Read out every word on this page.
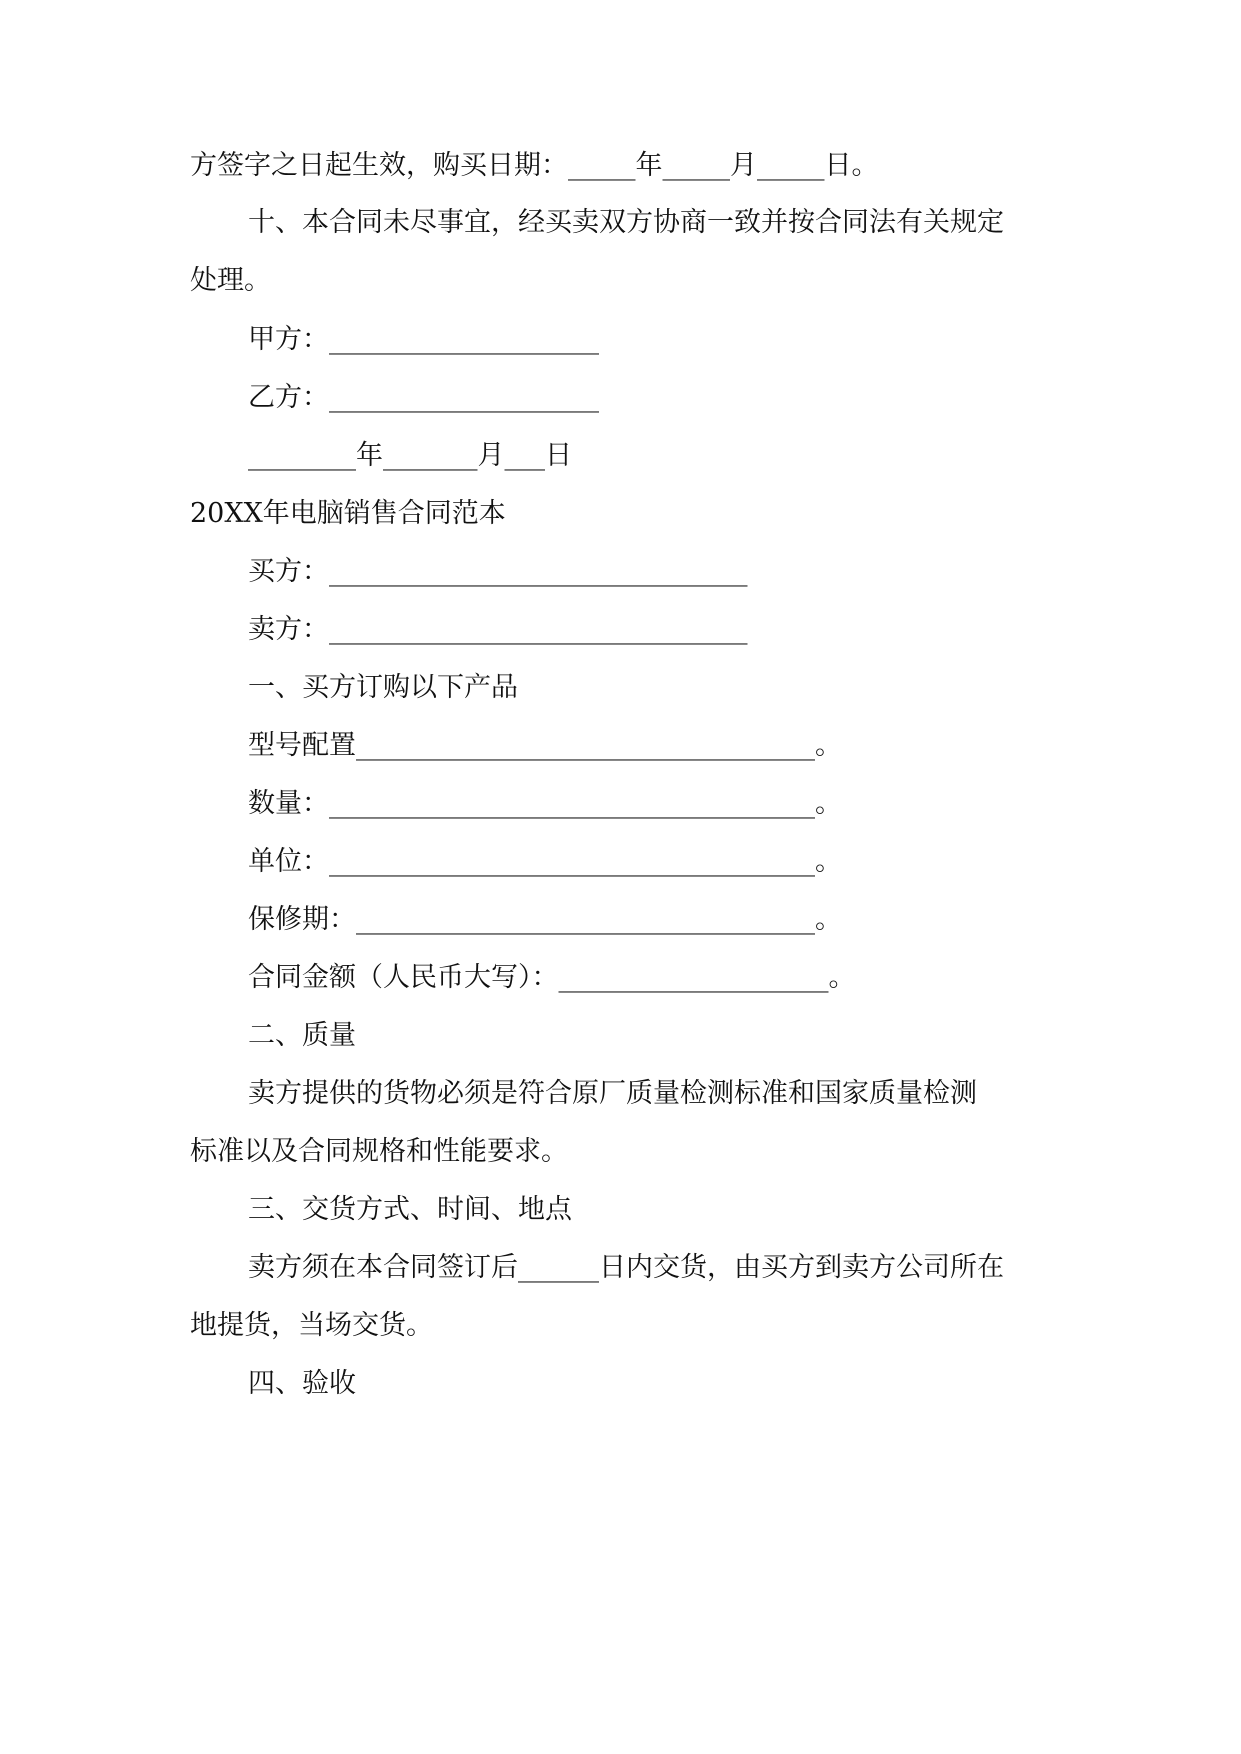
方签字之日起生效，购买日期：_____年_____月_____日。
十、本合同未尽事宜，经买卖双方协商一致并按合同法有关规定
处理。
甲方：____________________
乙方：____________________
________年_______月___日
20XX年电脑销售合同范本
买方：_______________________________
卖方：_______________________________
一、买方订购以下产品
型号配置__________________________________。
数量：____________________________________。
单位：____________________________________。
保修期：__________________________________。
合同金额（人民币大写）：____________________。
二、质量
卖方提供的货物必须是符合原厂质量检测标准和国家质量检测
标准以及合同规格和性能要求。
三、交货方式、时间、地点
卖方须在本合同签订后______日内交货，由买方到卖方公司所在
地提货，当场交货。
四、验收
